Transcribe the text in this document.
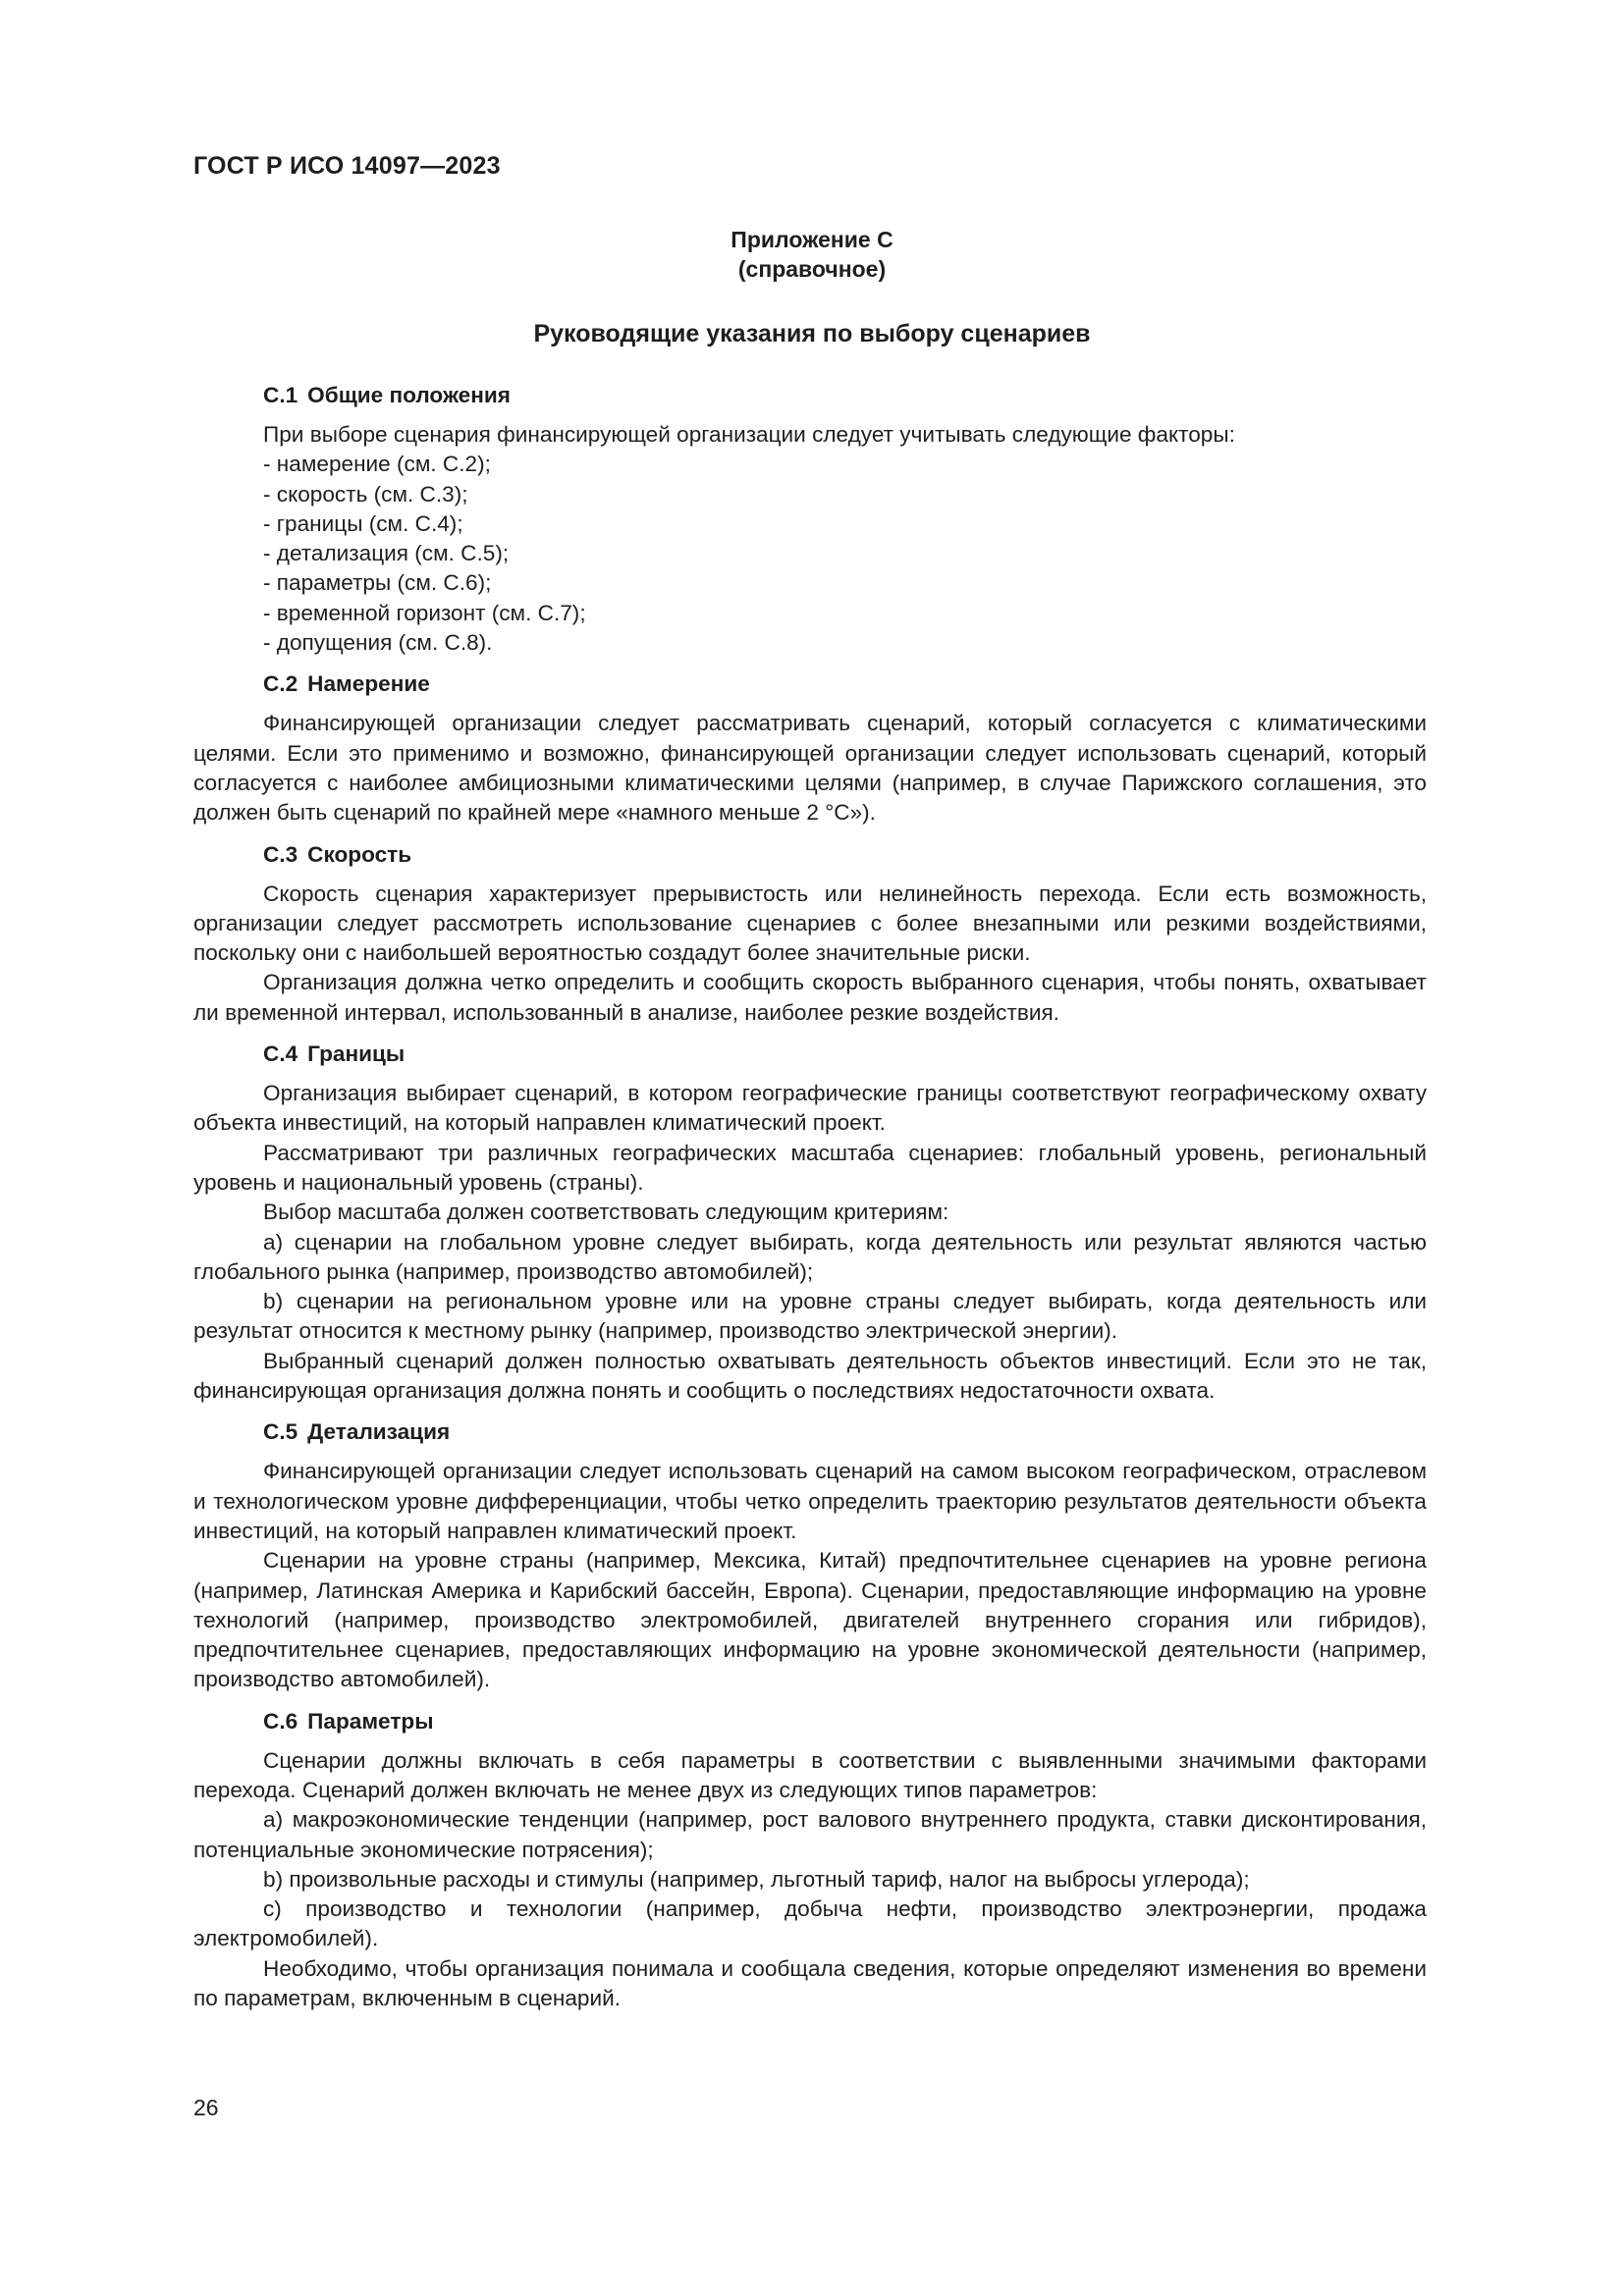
ГОСТ Р ИСО 14097—2023
Приложение С
(справочное)
Руководящие указания по выбору сценариев
С.1 Общие положения
При выборе сценария финансирующей организации следует учитывать следующие факторы:
- намерение (см. С.2);
- скорость (см. С.3);
- границы (см. С.4);
- детализация (см. С.5);
- параметры (см. С.6);
- временной горизонт (см. С.7);
- допущения (см. С.8).
С.2 Намерение

Финансирующей организации следует рассматривать сценарий, который согласуется с климатическими целями. Если это применимо и возможно, финансирующей организации следует использовать сценарий, который согласуется с наиболее амбициозными климатическими целями (например, в случае Парижского соглашения, это должен быть сценарий по крайней мере «намного меньше 2 °C»).

С.3 Скорость

Скорость сценария характеризует прерывистость или нелинейность перехода. Если есть возможность, организации следует рассмотреть использование сценариев с более внезапными или резкими воздействиями, поскольку они с наибольшей вероятностью создадут более значительные риски.

Организация должна четко определить и сообщить скорость выбранного сценария, чтобы понять, охватывает ли временной интервал, использованный в анализе, наиболее резкие воздействия.

С.4 Границы

Организация выбирает сценарий, в котором географические границы соответствуют географическому охвату объекта инвестиций, на который направлен климатический проект.

Рассматривают три различных географических масштаба сценариев: глобальный уровень, региональный уровень и национальный уровень (страны).

Выбор масштаба должен соответствовать следующим критериям:

а) сценарии на глобальном уровне следует выбирать, когда деятельность или результат являются частью глобального рынка (например, производство автомобилей);

b) сценарии на региональном уровне или на уровне страны следует выбирать, когда деятельность или результат относится к местному рынку (например, производство электрической энергии).

Выбранный сценарий должен полностью охватывать деятельность объектов инвестиций. Если это не так, финансирующая организация должна понять и сообщить о последствиях недостаточности охвата.

С.5 Детализация

Финансирующей организации следует использовать сценарий на самом высоком географическом, отраслевом и технологическом уровне дифференциации, чтобы четко определить траекторию результатов деятельности объекта инвестиций, на который направлен климатический проект.

Сценарии на уровне страны (например, Мексика, Китай) предпочтительнее сценариев на уровне региона (например, Латинская Америка и Карибский бассейн, Европа). Сценарии, предоставляющие информацию на уровне технологий (например, производство электромобилей, двигателей внутреннего сгорания или гибридов), предпочтительнее сценариев, предоставляющих информацию на уровне экономической деятельности (например, производство автомобилей).

С.6 Параметры

Сценарии должны включать в себя параметры в соответствии с выявленными значимыми факторами перехода. Сценарий должен включать не менее двух из следующих типов параметров:

а) макроэкономические тенденции (например, рост валового внутреннего продукта, ставки дисконтирования, потенциальные экономические потрясения);

b) произвольные расходы и стимулы (например, льготный тариф, налог на выбросы углерода);

с) производство и технологии (например, добыча нефти, производство электроэнергии, продажа электромобилей).

Необходимо, чтобы организация понимала и сообщала сведения, которые определяют изменения во времени по параметрам, включенным в сценарий.

26
